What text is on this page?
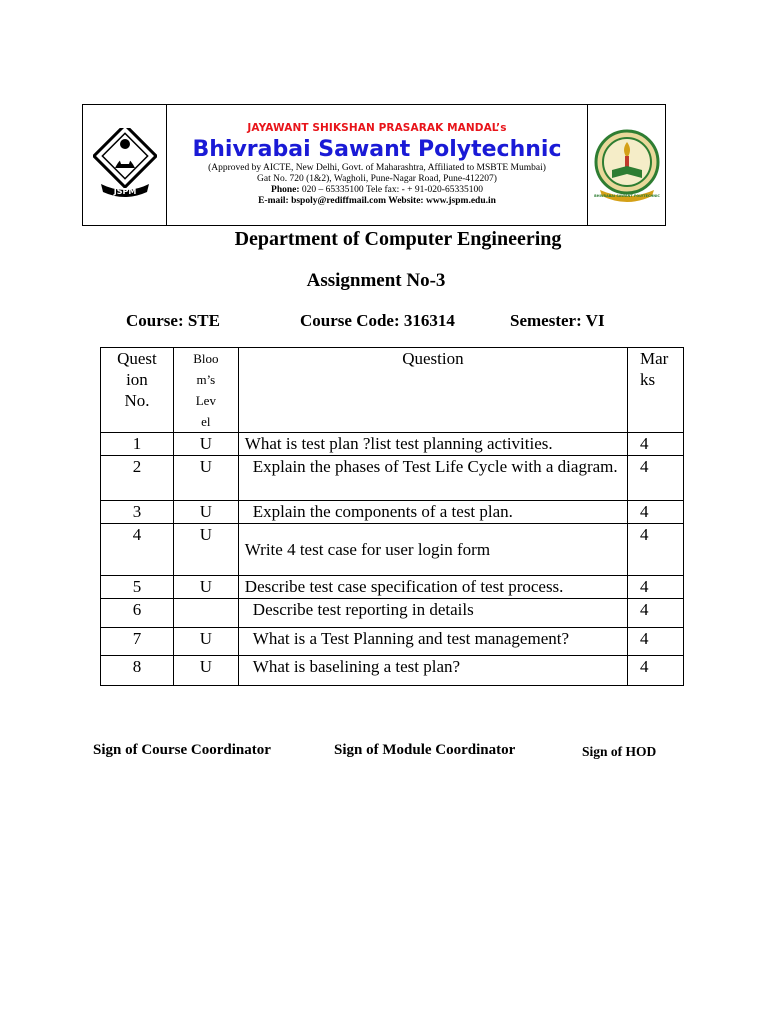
JSPM
JAYAWANT SHIKSHAN PRASARAK MANDAL’s
Bhivrabai Sawant Polytechnic
(Approved by AICTE, New Delhi, Govt. of Maharashtra, Affiliated to MSBTE Mumbai)
Gat No. 720 (1&2), Wagholi, Pune-Nagar Road, Pune-412207)
Phone: 020 – 65335100 Tele fax: - + 91-020-65335100
E-mail: bspoly@rediffmail.com Website: www.jspm.edu.in	BHIVRABAI SAWANT POLYTECHNIC
Department of Computer Engineering
Assignment No-3
Course: STE	Course Code: 316314	Semester: VI
Quest
ion
No.	Bloo
m’s
Lev
el	Question	Mar
ks
1	U	What is test plan ?list test planning activities.	4
2	U	Explain the phases of Test Life Cycle with a diagram.	4
3	U	Explain the components of a test plan.	4
4	U	Write 4 test case for user login form	4
5	U	Describe test case specification of test process.	4
6		Describe test reporting in details	4
7	U	What is a Test Planning and test management?	4
8	U	What is baselining a test plan?	4
Sign of Course Coordinator	Sign of Module Coordinator	Sign of HOD
